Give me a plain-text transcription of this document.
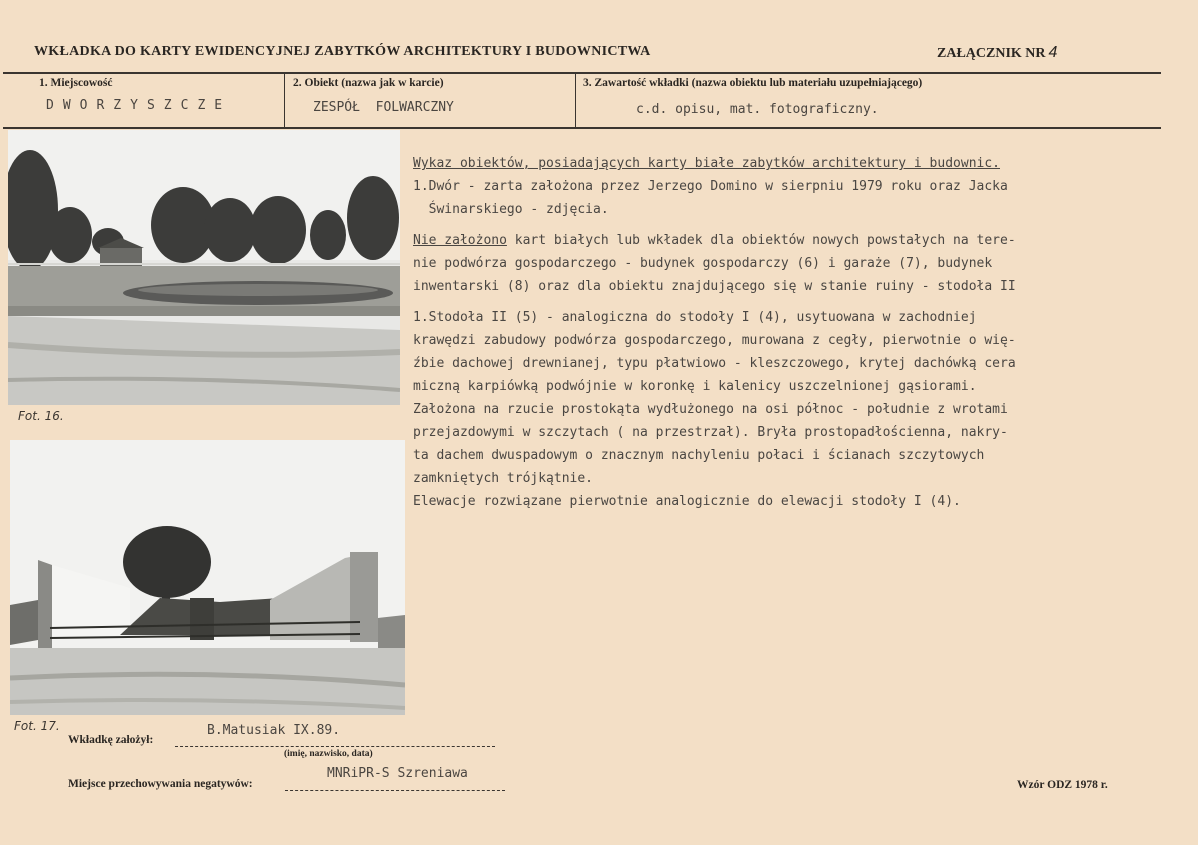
WKŁADKA DO KARTY EWIDENCYJNEJ ZABYTKÓW ARCHITEKTURY I BUDOWNICTWA	ZAŁĄCZNIK NR 4
1. Miejscowość
DWORZYSZCZE
2. Obiekt (nazwa jak w karcie)
ZESPÓŁ  FOLWARCZNY
3. Zawartość wkładki (nazwa obiektu lub materiału uzupełniającego)
c.d. opisu, mat. fotograficzny.
Fot. 16.
Fot. 17.

Wykaz obiektów, posiadających karty białe zabytków architektury i budownic.

1.Dwór - zarta założona przez Jerzego Domino w sierpniu 1979 roku oraz Jacka

Świnarskiego - zdjęcia.

Nie założono kart białych lub wkładek dla obiektów nowych powstałych na tere-

nie podwórza gospodarczego - budynek gospodarczy (6) i garaże (7), budynek

inwentarski (8) oraz dla obiektu znajdującego się w stanie ruiny - stodoła II

1.Stodoła II (5) - analogiczna do stodoły I (4), usytuowana w zachodniej

krawędzi zabudowy podwórza gospodarczego, murowana z cegły, pierwotnie o wię-

źbie dachowej drewnianej, typu płatwiowo - kleszczowego, krytej dachówką cera

miczną karpiówką podwójnie w koronkę i kalenicy uszczelnionej gąsiorami.

Założona na rzucie prostokąta wydłużonego na osi północ - południe z wrotami

przejazdowymi w szczytach ( na przestrzał). Bryła prostopadłościenna, nakry-

ta dachem dwuspadowym o znacznym nachyleniu połaci i ścianach szczytowych

zamkniętych trójkątnie.

Elewacje rozwiązane pierwotnie analogicznie do elewacji stodoły I (4).

Wkładkę założył:
B.Matusiak IX.89.
(imię, nazwisko, data)
Miejsce przechowywania negatywów:
MNRiPR-S Szreniawa
Wzór ODZ 1978 r.
